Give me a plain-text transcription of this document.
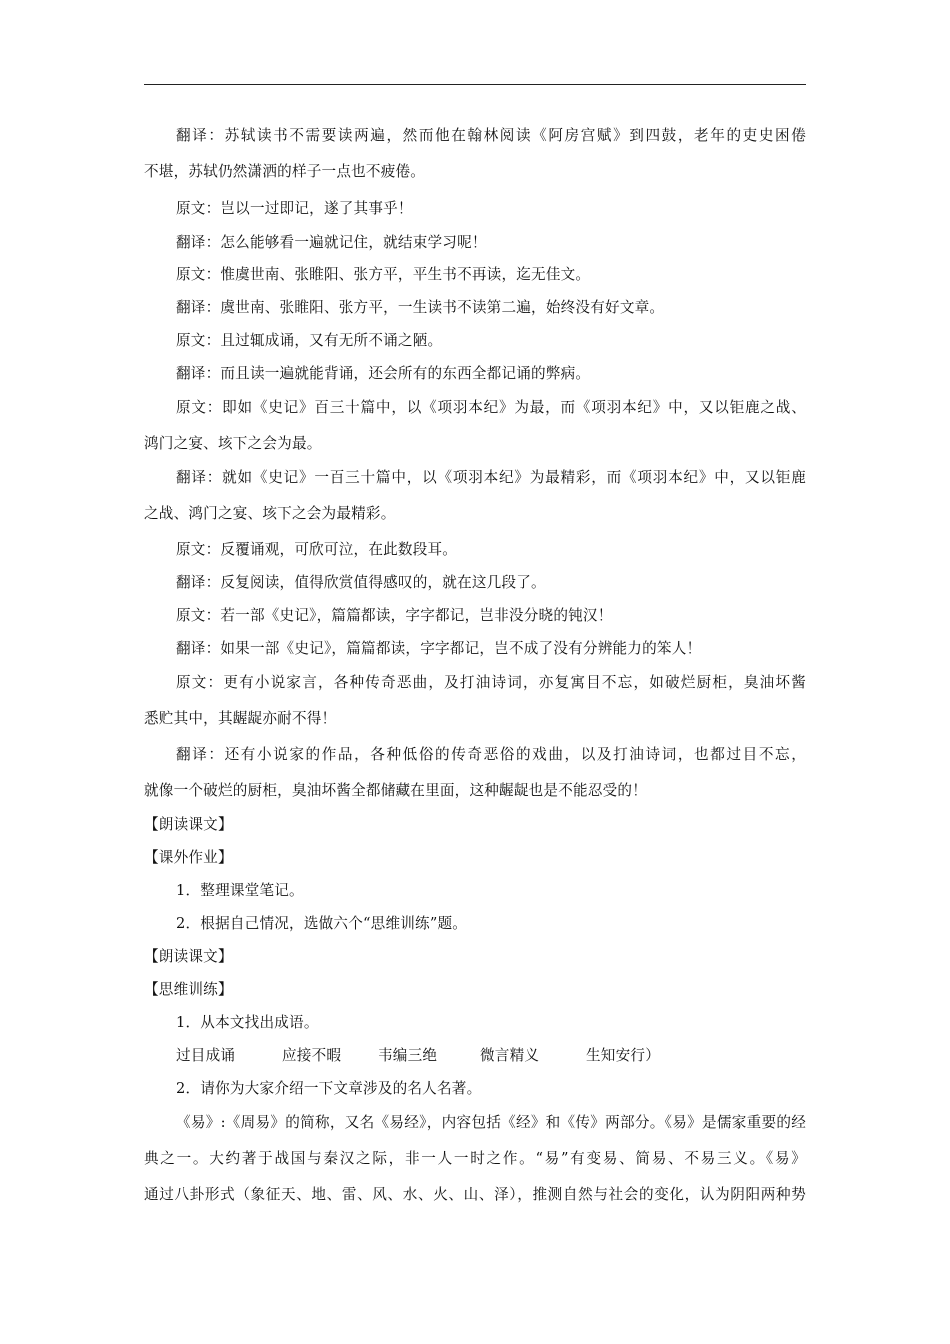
翻译：苏轼读书不需要读两遍，然而他在翰林阅读《阿房宫赋》到四鼓，老年的吏史困倦
不堪，苏轼仍然潇洒的样子一点也不疲倦。
原文：岂以一过即记，遂了其事乎！
翻译：怎么能够看一遍就记住，就结束学习呢！
原文：惟虞世南、张睢阳、张方平，平生书不再读，迄无佳文。
翻译：虞世南、张睢阳、张方平，一生读书不读第二遍，始终没有好文章。
原文：且过辄成诵，又有无所不诵之陋。
翻译：而且读一遍就能背诵，还会所有的东西全都记诵的弊病。
原文：即如《史记》百三十篇中，以《项羽本纪》为最，而《项羽本纪》中，又以钜鹿之战、
鸿门之宴、垓下之会为最。
翻译：就如《史记》一百三十篇中，以《项羽本纪》为最精彩，而《项羽本纪》中，又以钜鹿
之战、鸿门之宴、垓下之会为最精彩。
原文：反覆诵观，可欣可泣，在此数段耳。
翻译：反复阅读，值得欣赏值得感叹的，就在这几段了。
原文：若一部《史记》，篇篇都读，字字都记，岂非没分晓的钝汉！
翻译：如果一部《史记》，篇篇都读，字字都记，岂不成了没有分辨能力的笨人！
原文：更有小说家言，各种传奇恶曲，及打油诗词，亦复寓目不忘，如破烂厨柜，臭油坏酱
悉贮其中，其龌龊亦耐不得！
翻译：还有小说家的作品，各种低俗的传奇恶俗的戏曲，以及打油诗词，也都过目不忘，
就像一个破烂的厨柜，臭油坏酱全都储藏在里面，这种龌龊也是不能忍受的！
【朗读课文】
【课外作业】
1．整理课堂笔记。
2．根据自己情况，选做六个“思维训练”题。
【朗读课文】
【思维训练】
1．从本文找出成语。
过目成诵	应接不暇	韦编三绝	微言精义	生知安行）
2．请你为大家介绍一下文章涉及的名人名著。
《易》:《周易》的简称，又名《易经》，内容包括《经》和《传》两部分。《易》是儒家重要的经
典之一。大约著于战国与秦汉之际，非一人一时之作。“易”有变易、简易、不易三义。《易》
通过八卦形式（象征天、地、雷、风、水、火、山、泽），推测自然与社会的变化，认为阴阳两种势
